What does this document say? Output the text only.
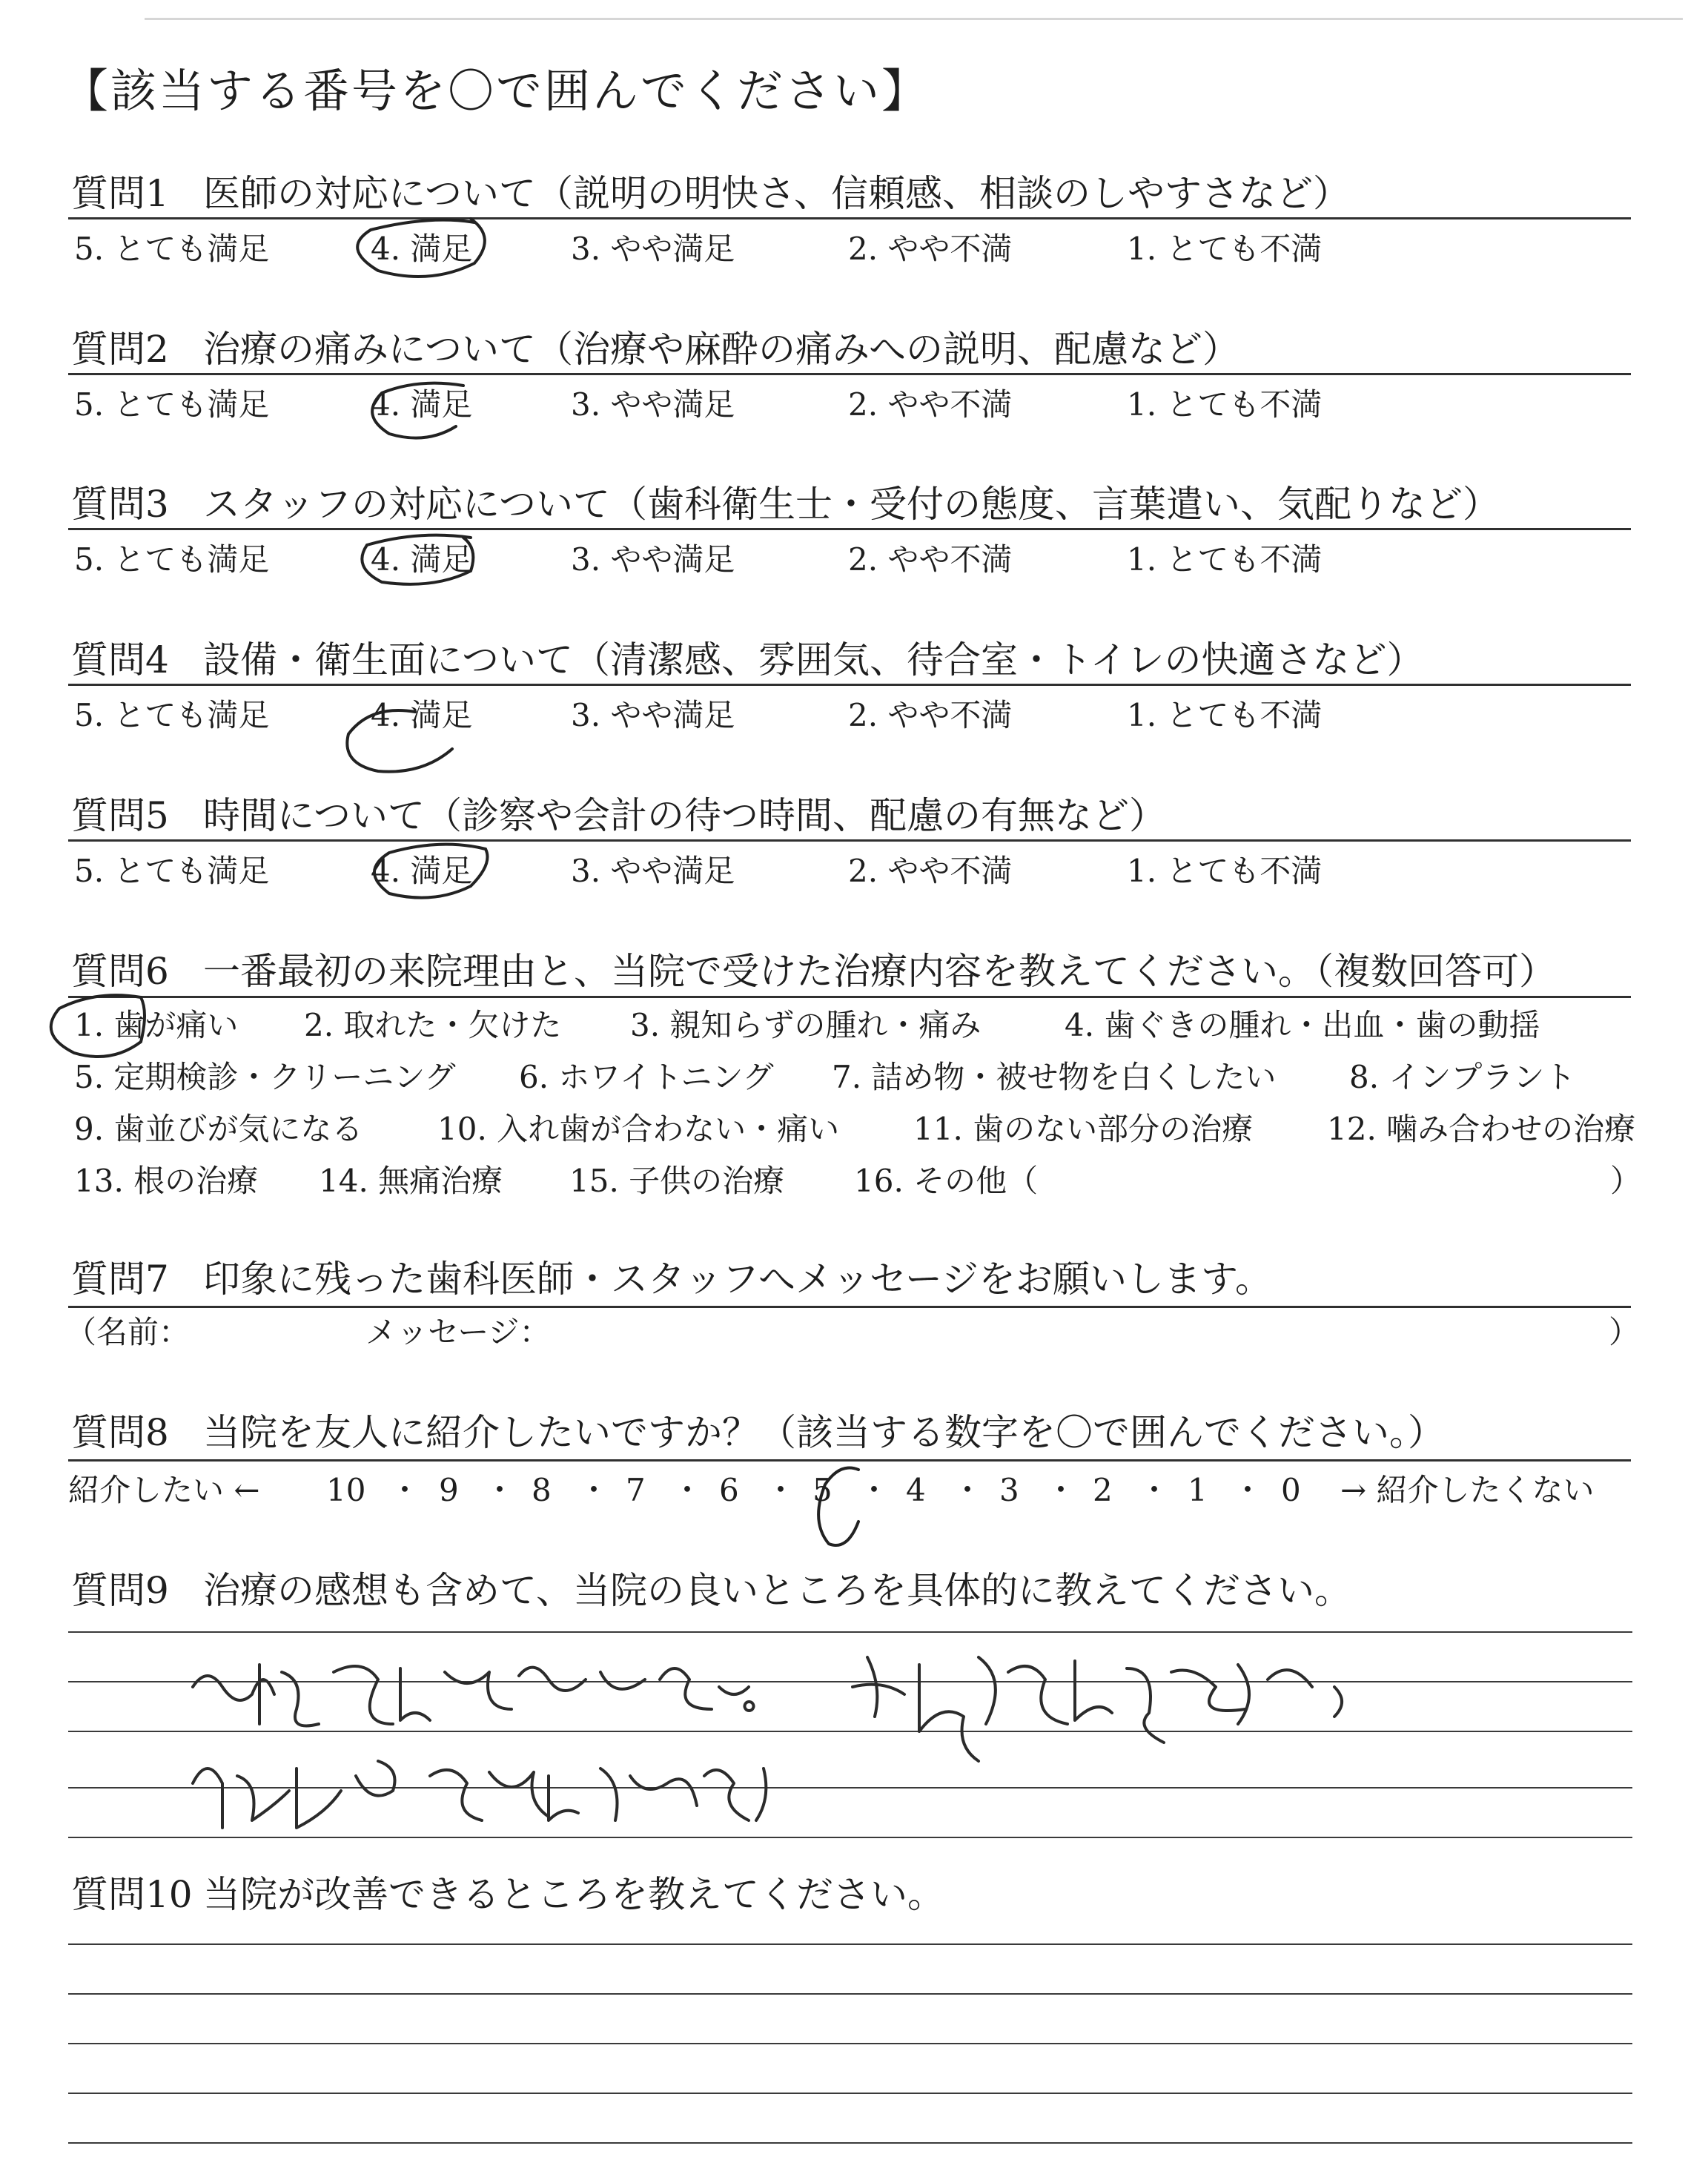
【該当する番号を〇で囲んでください】
質問1 医師の対応について（説明の明快さ、信頼感、相談のしやすさなど）
5. とても満足	4. 満足	3. やや満足	2. やや不満	1. とても不満
質問2 治療の痛みについて（治療や麻酔の痛みへの説明、配慮など）
5. とても満足	4. 満足	3. やや満足	2. やや不満	1. とても不満
質問3 スタッフの対応について（歯科衛生士・受付の態度、言葉遣い、気配りなど）
5. とても満足	4. 満足	3. やや満足	2. やや不満	1. とても不満
質問4 設備・衛生面について（清潔感、雰囲気、待合室・トイレの快適さなど）
5. とても満足	4. 満足	3. やや満足	2. やや不満	1. とても不満
質問5 時間について（診察や会計の待つ時間、配慮の有無など）
5. とても満足	4. 満足	3. やや満足	2. やや不満	1. とても不満
質問6 一番最初の来院理由と、当院で受けた治療内容を教えてください。（複数回答可）
1. 歯が痛い 2. 取れた・欠けた 3. 親知らずの腫れ・痛み	4. 歯ぐきの腫れ・出血・歯の動揺
5. 定期検診・クリーニング 6. ホワイトニング 7. 詰め物・被せ物を白くしたい 8. インプラント
9. 歯並びが気になる 10. 入れ歯が合わない・痛い 11. 歯のない部分の治療 12. 噛み合わせの治療
13. 根の治療 14. 無痛治療 15. 子供の治療 16. その他（	）
質問7 印象に残った歯科医師・スタッフへメッセージをお願いします。
（名前：	メッセージ：	）
質問8 当院を友人に紹介したいですか？（該当する数字を〇で囲んでください。）
紹介したい ← 10 ・ 9 ・ 8 ・ 7 ・ 6 ・ 5 ・ 4 ・ 3 ・ 2 ・ 1 ・ 0 → 紹介したくない
質問9 治療の感想も含めて、当院の良いところを具体的に教えてください。
質問10 当院が改善できるところを教えてください。
